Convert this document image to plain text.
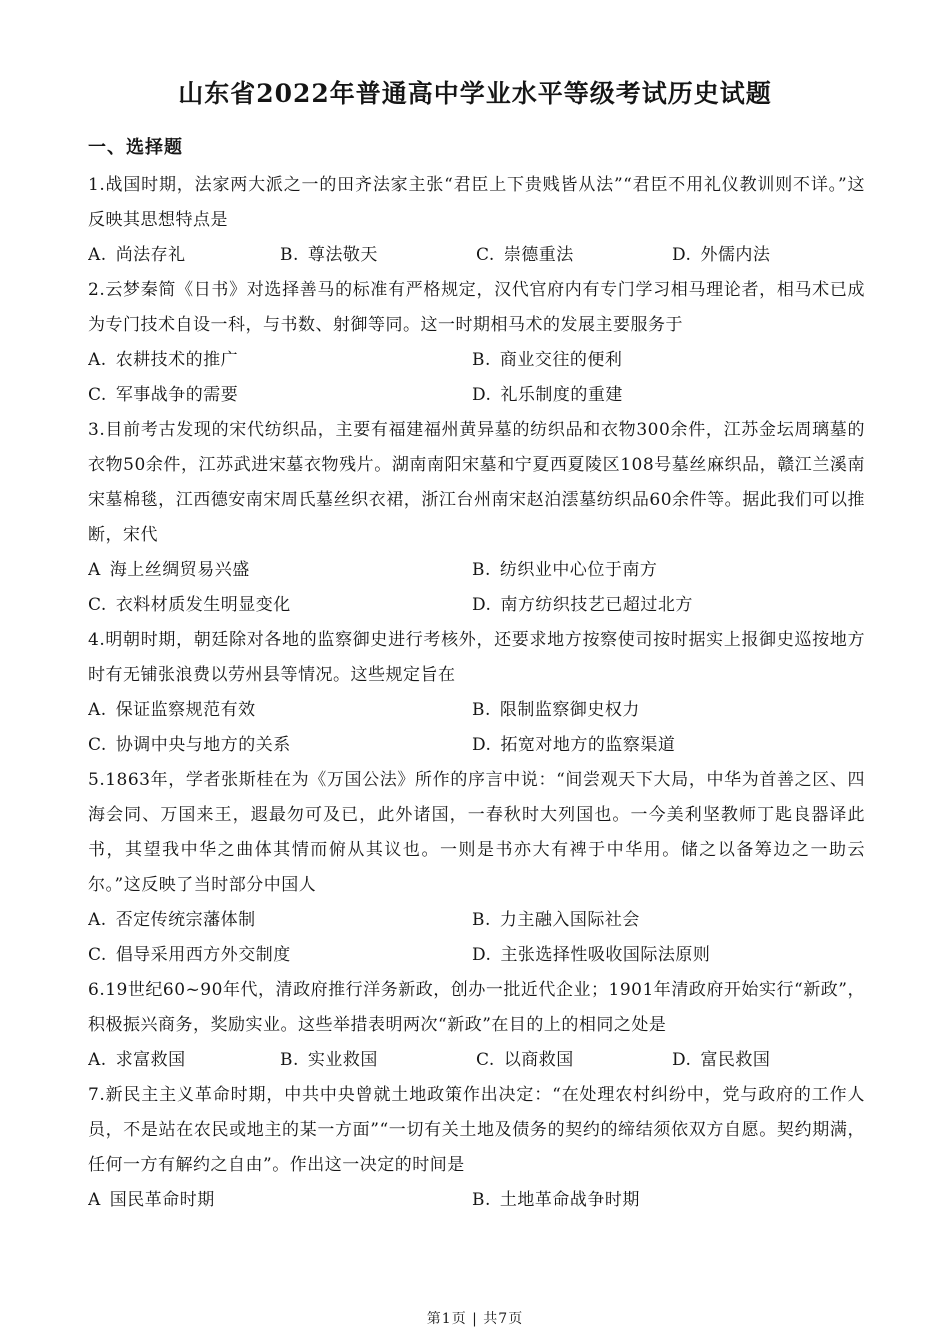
山东省2022年普通高中学业水平等级考试历史试题
一、选择题

1.战国时期，法家两大派之一的田齐法家主张“君臣上下贵贱皆从法”“君臣不用礼仪教训则不详。”这反映其思想特点是

A. 尚法存礼	B. 尊法敬天	C. 崇德重法	D. 外儒内法

2.云梦秦简《日书》对选择善马的标准有严格规定，汉代官府内有专门学习相马理论者，相马术已成为专门技术自设一科，与书数、射御等同。这一时期相马术的发展主要服务于

A. 农耕技术的推广	B. 商业交往的便利
C. 军事战争的需要	D. 礼乐制度的重建

3.目前考古发现的宋代纺织品，主要有福建福州黄异墓的纺织品和衣物300余件，江苏金坛周璃墓的衣物50余件，江苏武进宋墓衣物残片。湖南南阳宋墓和宁夏西夏陵区108号墓丝麻织品，赣江兰溪南宋墓棉毯，江西德安南宋周氏墓丝织衣裙，浙江台州南宋赵泊澐墓纺织品60余件等。据此我们可以推断，宋代

A 海上丝绸贸易兴盛	B. 纺织业中心位于南方
C. 衣料材质发生明显变化	D. 南方纺织技艺已超过北方

4.明朝时期，朝廷除对各地的监察御史进行考核外，还要求地方按察使司按时据实上报御史巡按地方时有无铺张浪费以劳州县等情况。这些规定旨在

A. 保证监察规范有效	B. 限制监察御史权力
C. 协调中央与地方的关系	D. 拓宽对地方的监察渠道

5.1863年，学者张斯桂在为《万国公法》所作的序言中说：“间尝观天下大局，中华为首善之区、四海会同、万国来王，遐最勿可及已，此外诸国，一春秋时大列国也。一今美利坚教师丁匙良器译此书，其望我中华之曲体其情而俯从其议也。一则是书亦大有裨于中华用。储之以备筹边之一助云尔。”这反映了当时部分中国人

A. 否定传统宗藩体制	B. 力主融入国际社会
C. 倡导采用西方外交制度	D. 主张选择性吸收国际法原则

6.19世纪60~90年代，清政府推行洋务新政，创办一批近代企业；1901年清政府开始实行“新政”，积极振兴商务，奖励实业。这些举措表明两次“新政”在目的上的相同之处是

A. 求富救国	B. 实业救国	C. 以商救国	D. 富民救国

7.新民主主义革命时期，中共中央曾就土地政策作出决定：“在处理农村纠纷中，党与政府的工作人员，不是站在农民或地主的某一方面”“一切有关土地及债务的契约的缔结须依双方自愿。契约期满，任何一方有解约之自由”。作出这一决定的时间是

A 国民革命时期	B. 土地革命战争时期
第1页 | 共7页
